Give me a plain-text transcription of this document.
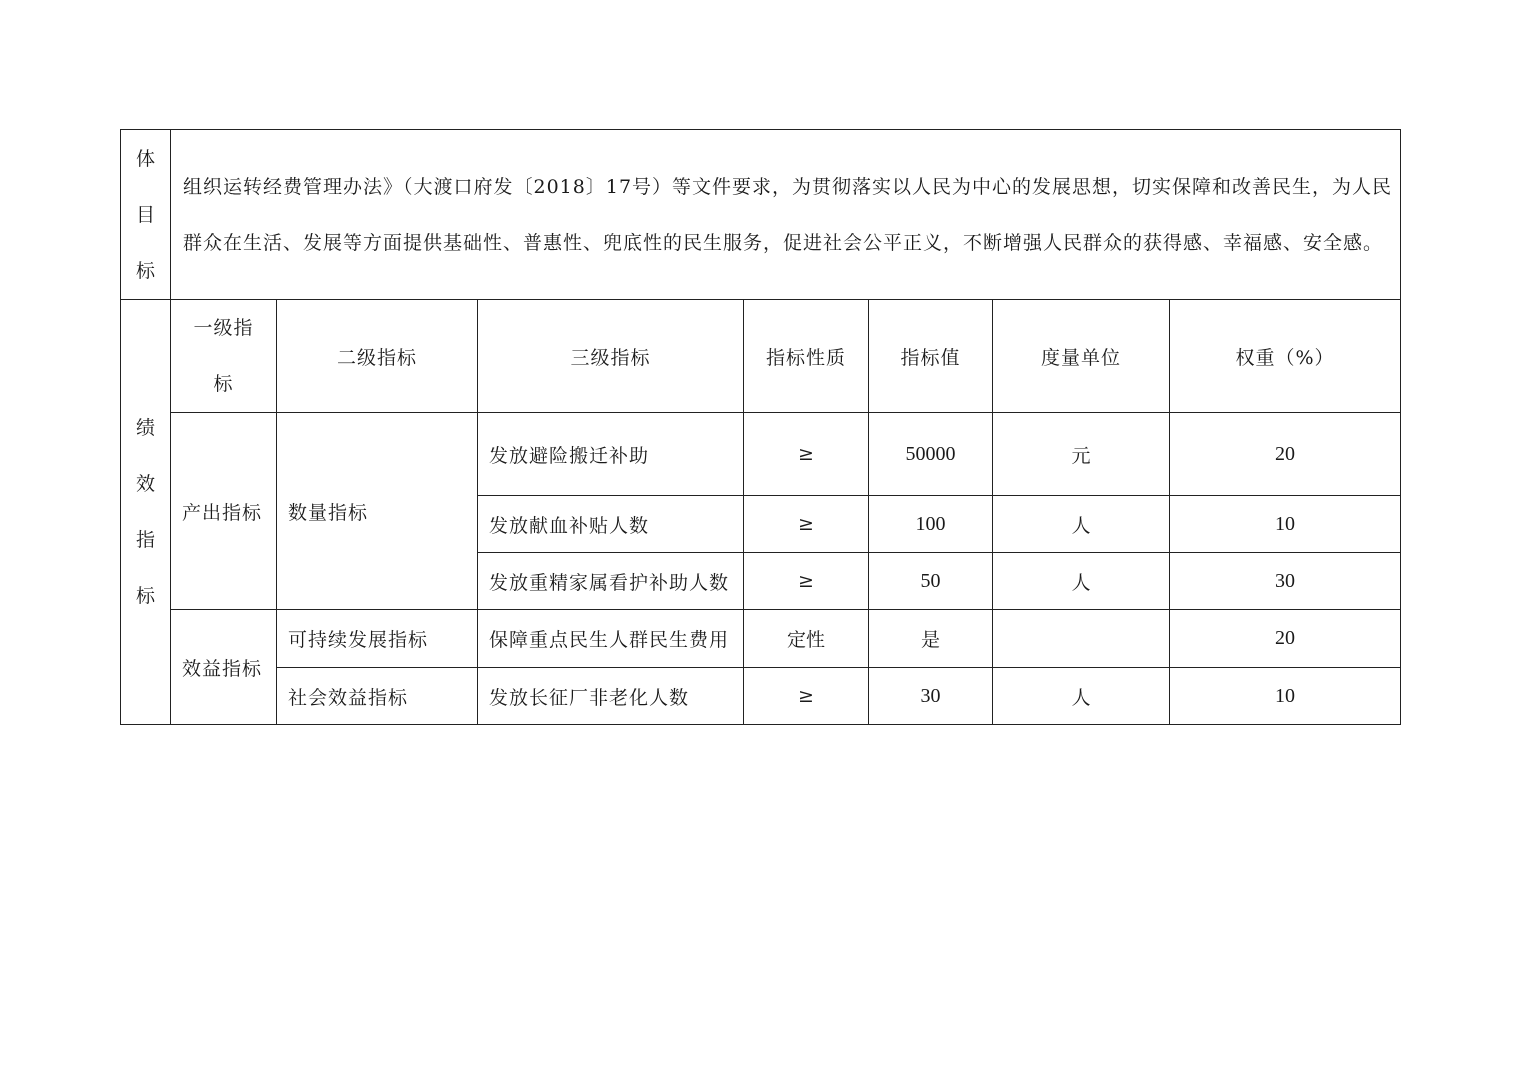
体
目
标	组织运转经费管理办法》（大渡口府发〔2018〕17号）等文件要求，为贯彻落实以人民为中心的发展思想，切实保障和改善民生，为人民群众在生活、发展等方面提供基础性、普惠性、兜底性的民生服务，促进社会公平正义，不断增强人民群众的获得感、幸福感、安全感。						

绩
效
指
标	一级指标	二级指标	三级指标	指标性质	指标值	度量单位	权重（%）
	产出指标	数量指标	发放避险搬迁补助	≥	50000	元	20
			发放献血补贴人数	≥	100	人	10
			发放重精家属看护补助人数	≥	50	人	30
	效益指标	可持续发展指标	保障重点民生人群民生费用	定性	是		20
		社会效益指标	发放长征厂非老化人数	≥	30	人	10
